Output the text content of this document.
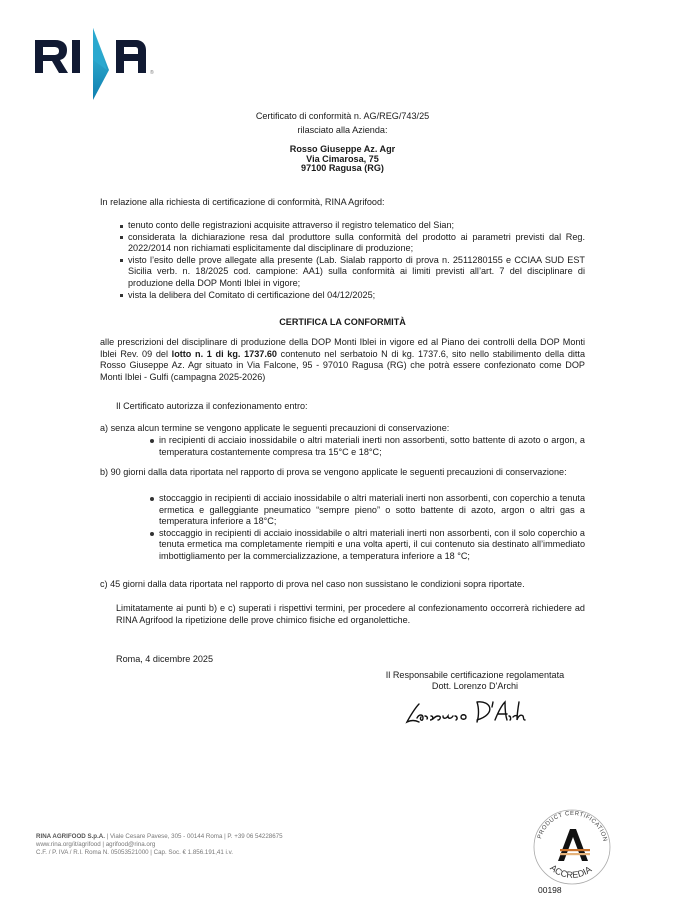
®
Certificato di conformità n. AG/REG/743/25
rilasciato alla Azienda:
Rosso Giuseppe Az. Agr
Via Cimarosa, 75
97100 Ragusa (RG)
In relazione alla richiesta di certificazione di conformità, RINA Agrifood:
tenuto conto delle registrazioni acquisite attraverso il registro telematico del Sian;
considerata la dichiarazione resa dal produttore sulla conformità del prodotto ai parametri previsti dal Reg. 2022/2014 non richiamati esplicitamente dal disciplinare di produzione;
visto l’esito delle prove allegate alla presente (Lab. Sialab rapporto di prova n. 2511280155 e CCIAA SUD EST Sicilia verb. n. 18/2025 cod. campione: AA1) sulla conformità ai limiti previsti all’art. 7 del disciplinare di produzione della DOP Monti Iblei in vigore;
vista la delibera del Comitato di certificazione del 04/12/2025;
CERTIFICA LA CONFORMITÀ
alle prescrizioni del disciplinare di produzione della DOP Monti Iblei in vigore ed al Piano dei controlli della DOP Monti Iblei Rev. 09 del lotto n. 1 di kg. 1737.60 contenuto nel serbatoio N di kg. 1737.6, sito nello stabilimento della ditta Rosso Giuseppe Az. Agr situato in Via Falcone, 95 - 97010 Ragusa (RG) che potrà essere confezionato come DOP Monti Iblei - Gulfi (campagna 2025-2026)
Il Certificato autorizza il confezionamento entro:
a) senza alcun termine se vengono applicate le seguenti precauzioni di conservazione:
in recipienti di acciaio inossidabile o altri materiali inerti non assorbenti, sotto battente di azoto o argon, a temperatura costantemente compresa tra 15°C e 18°C;
b) 90 giorni dalla data riportata nel rapporto di prova se vengono applicate le seguenti precauzioni di conservazione:
stoccaggio in recipienti di acciaio inossidabile o altri materiali inerti non assorbenti, con coperchio a tenuta ermetica e galleggiante pneumatico “sempre pieno” o sotto battente di azoto, argon o altri gas a temperatura inferiore a 18°C;
stoccaggio in recipienti di acciaio inossidabile o altri materiali inerti non assorbenti, con il solo coperchio a tenuta ermetica ma completamente riempiti e una volta aperti, il cui contenuto sia destinato all’immediato imbottigliamento per la commercializzazione, a temperatura inferiore a 18 °C;
c) 45 giorni dalla data riportata nel rapporto di prova nel caso non sussistano le condizioni sopra riportate.
Limitatamente ai punti b) e c) superati i rispettivi termini, per procedere al confezionamento occorrerà richiedere ad RINA Agrifood la ripetizione delle prove chimico fisiche ed organolettiche.
Roma, 4 dicembre 2025
Il Responsabile certificazione regolamentata
Dott. Lorenzo D'Archi
RINA AGRIFOOD S.p.A. | Viale Cesare Pavese, 305 - 00144 Roma | P. +39 06 54228675
www.rina.org/it/agrifood | agrifood@rina.org
C.F. / P. IVA / R.I. Roma N. 05053521000 | Cap. Soc. € 1.856.191,41 i.v.
PRODUCT CERTIFICATION
ACCREDIA
00198
